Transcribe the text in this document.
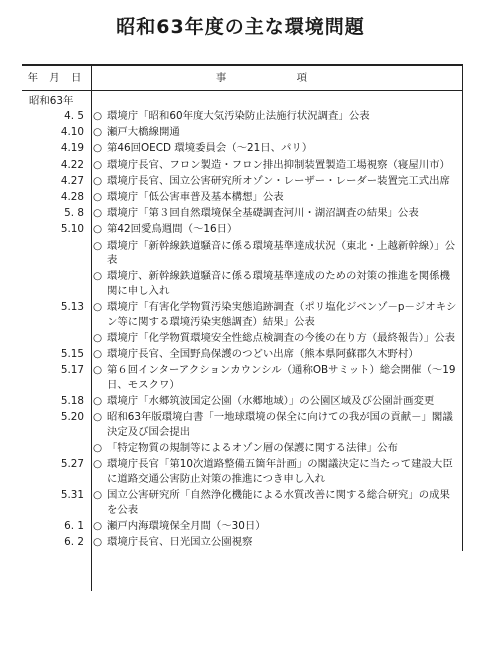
昭和63年度の主な環境問題
年 月 日	事　項
昭和63年
4. 5 ○ 環境庁「昭和60年度大気汚染防止法施行状況調査」公表
4.10 ○ 瀬戸大橋線開通
4.19 ○ 第46回OECD 環境委員会（～21日、パリ）
4.22 ○ 環境庁長官、フロン製造・フロン排出抑制装置製造工場視察（寝屋川市）
4.27 ○ 環境庁長官、国立公害研究所オゾン・レーザー・レーダー装置完工式出席
4.28 ○ 環境庁「低公害車普及基本構想」公表
5. 8 ○ 環境庁「第３回自然環境保全基礎調査河川・湖沼調査の結果」公表
5.10 ○ 第42回愛鳥週間（～16日）
○ 環境庁「新幹線鉄道騒音に係る環境基準達成状況（東北・上越新幹線）」公表
○ 環境庁、新幹線鉄道騒音に係る環境基準達成のための対策の推進を関係機関に申し入れ
5.13 ○ 環境庁「有害化学物質汚染実態追跡調査（ポリ塩化ジベンゾ－p－ジオキシン等に関する環境汚染実態調査）結果」公表
○ 環境庁「化学物質環境安全性総点検調査の今後の在り方（最終報告）」公表
5.15 ○ 環境庁長官、全国野鳥保護のつどい出席（熊本県阿蘇郡久木野村）
5.17 ○ 第６回インターアクションカウンシル（通称OBサミット）総会開催（～19日、モスクワ）
5.18 ○ 環境庁「水郷筑波国定公園（水郷地域）」の公園区域及び公園計画変更
5.20 ○ 昭和63年版環境白書「一地球環境の保全に向けての我が国の貢献－」閣議決定及び国会提出
○ 「特定物質の規制等によるオゾン層の保護に関する法律」公布
5.27 ○ 環境庁長官「第10次道路整備五箇年計画」の閣議決定に当たって建設大臣に道路交通公害防止対策の推進につき申し入れ
5.31 ○ 国立公害研究所「自然浄化機能による水質改善に関する総合研究」の成果を公表
6. 1 ○ 瀬戸内海環境保全月間（～30日）
6. 2 ○ 環境庁長官、日光国立公園視察
